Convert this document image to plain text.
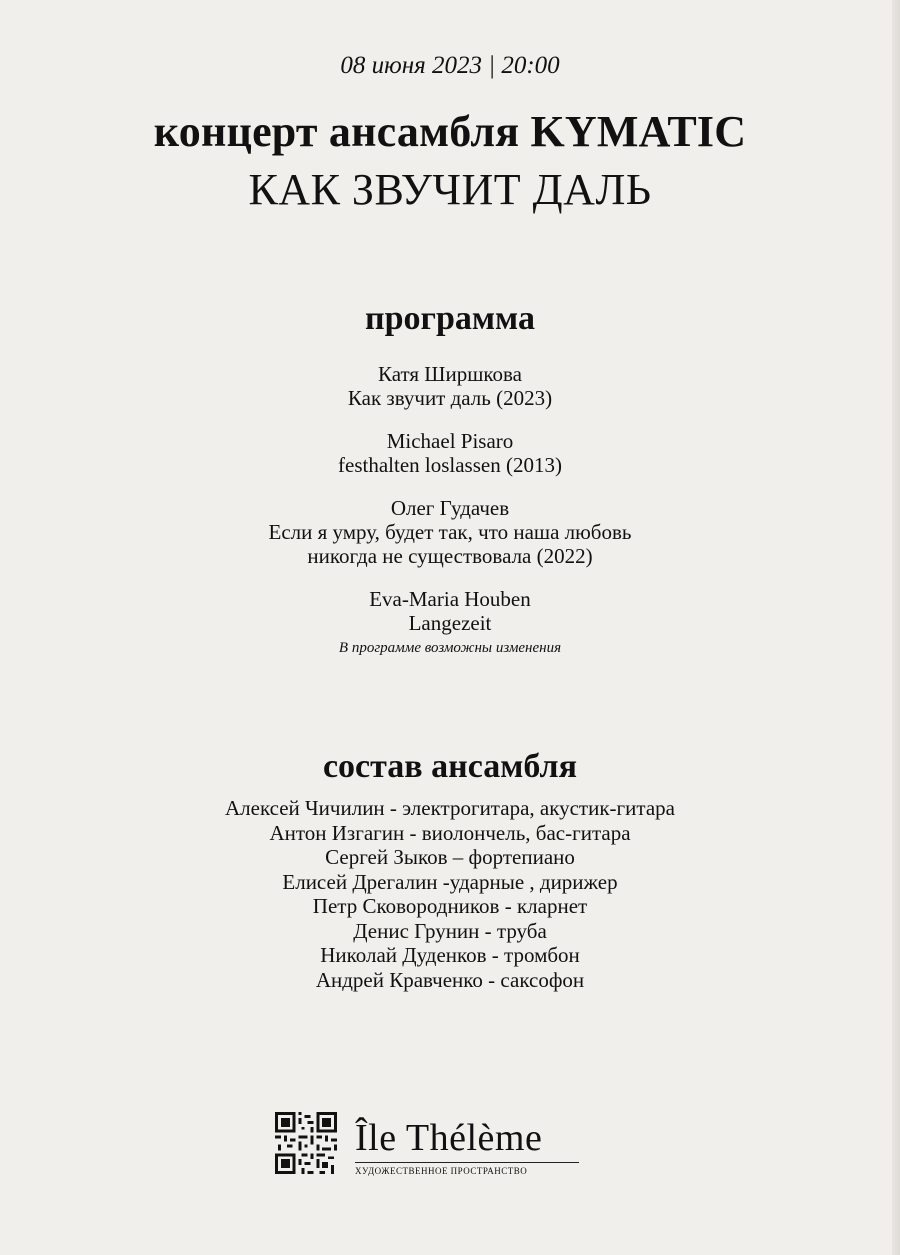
08 июня 2023 | 20:00
концерт ансамбля KYMATIC
КАК ЗВУЧИТ ДАЛЬ
программа
Катя Ширшкова
Как звучит даль (2023)
Michael Pisaro
festhalten loslassen (2013)
Олег Гудачев
Если я умру, будет так, что наша любовь
никогда не существовала (2022)
Eva-Maria Houben
Langezeit
В программе возможны изменения
состав ансамбля
Алексей Чичилин - электрогитара, акустик-гитара
Антон Изгагин - виолончель, бас-гитара
Сергей Зыков – фортепиано
Елисей Дрегалин -ударные , дирижер
Петр Сковородников - кларнет
Денис Грунин - труба
Николай Дуденков - тромбон
Андрей Кравченко - саксофон
Île Thélème
ХУДОЖЕСТВЕННОЕ ПРОСТРАНСТВО
